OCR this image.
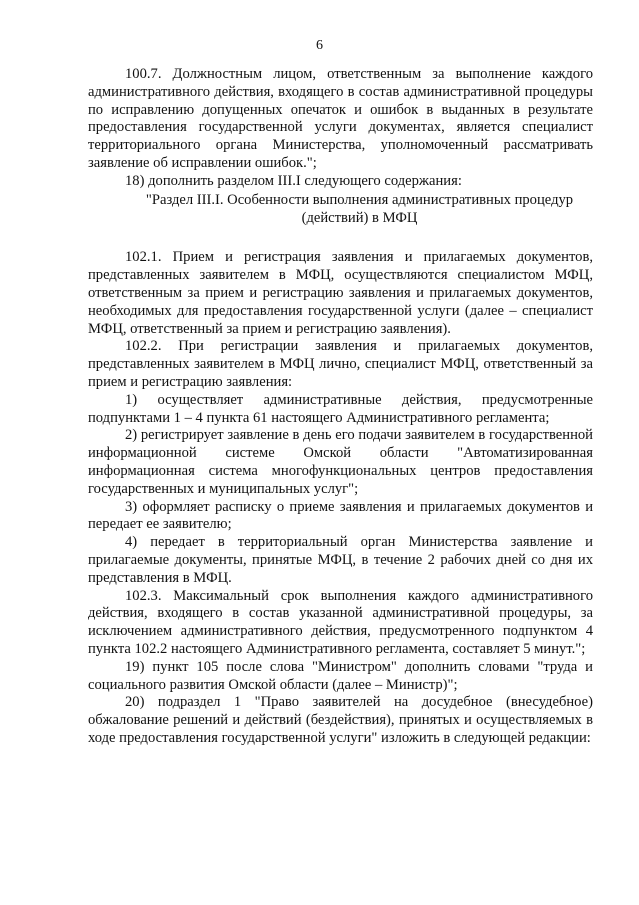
6

100.7. Должностным лицом, ответственным за выполнение каждого административного действия, входящего в состав административной процедуры по исправлению допущенных опечаток и ошибок в выданных в результате предоставления государственной услуги документах, является специалист территориального органа Министерства, уполномоченный рассматривать заявление об исправлении ошибок.";

18) дополнить разделом III.I следующего содержания:

"Раздел III.I. Особенности выполнения административных процедур (действий) в МФЦ

102.1. Прием и регистрация заявления и прилагаемых документов, представленных заявителем в МФЦ, осуществляются специалистом МФЦ, ответственным за прием и регистрацию заявления и прилагаемых документов, необходимых для предоставления государственной услуги (далее – специалист МФЦ, ответственный за прием и регистрацию заявления).

102.2. При регистрации заявления и прилагаемых документов, представленных заявителем в МФЦ лично, специалист МФЦ, ответственный за прием и регистрацию заявления:

1) осуществляет административные действия, предусмотренные подпунктами 1 – 4 пункта 61 настоящего Административного регламента;

2) регистрирует заявление в день его подачи заявителем в государственной информационной системе Омской области "Автоматизированная информационная система многофункциональных центров предоставления государственных и муниципальных услуг";

3) оформляет расписку о приеме заявления и прилагаемых документов и передает ее заявителю;

4) передает в территориальный орган Министерства заявление и прилагаемые документы, принятые МФЦ, в течение 2 рабочих дней со дня их представления в МФЦ.

102.3. Максимальный срок выполнения каждого административного действия, входящего в состав указанной административной процедуры, за исключением административного действия, предусмотренного подпунктом 4 пункта 102.2 настоящего Административного регламента, составляет 5 минут.";

19) пункт 105 после слова "Министром" дополнить словами "труда и социального развития Омской области (далее – Министр)";

20) подраздел 1 "Право заявителей на досудебное (внесудебное) обжалование решений и действий (бездействия), принятых и осуществляемых в ходе предоставления государственной услуги" изложить в следующей редакции:
